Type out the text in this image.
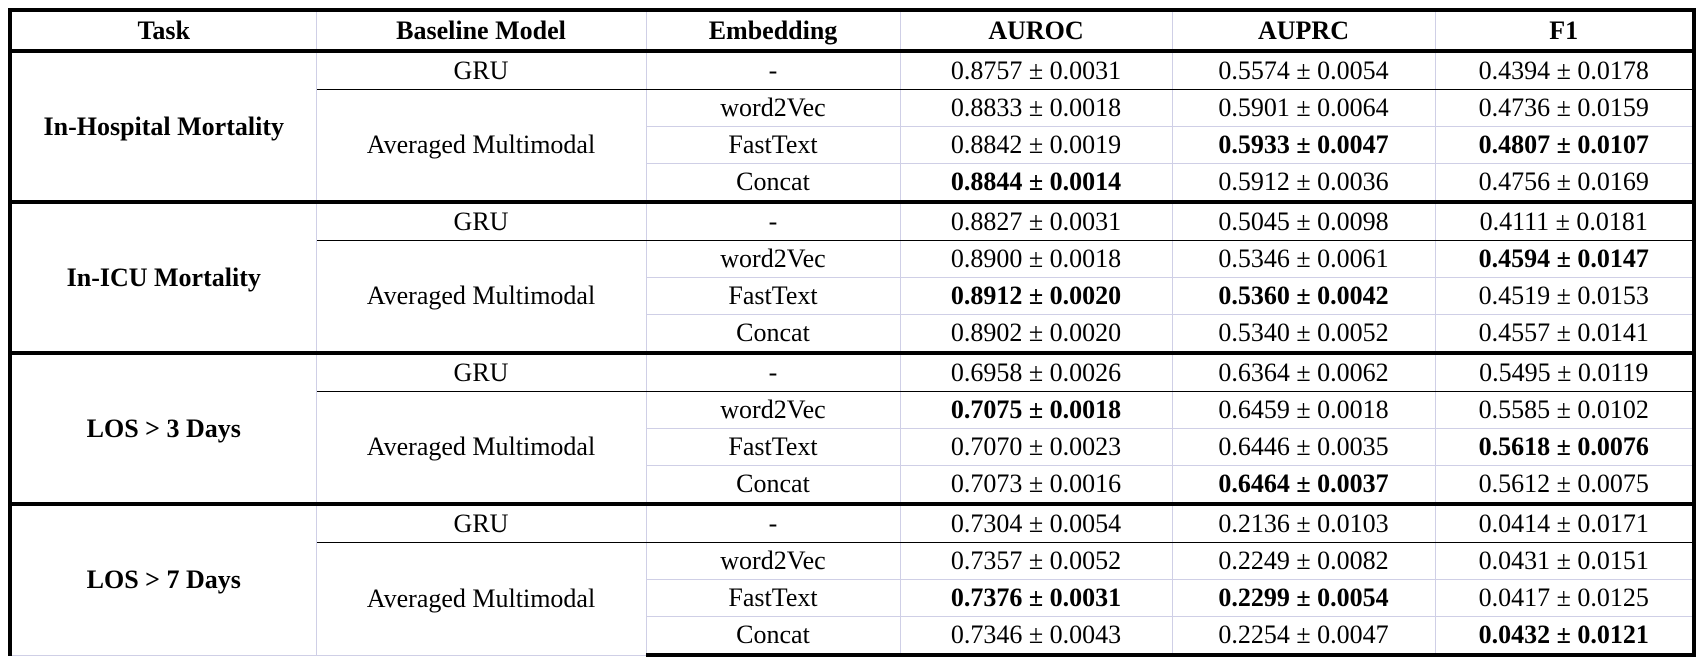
Task	Baseline Model	Embedding	AUROC	AUPRC	F1
In-Hospital Mortality	GRU	-	0.8757 ± 0.0031	0.5574 ± 0.0054	0.4394 ± 0.0178
	Averaged Multimodal	word2Vec	0.8833 ± 0.0018	0.5901 ± 0.0064	0.4736 ± 0.0159
		FastText	0.8842 ± 0.0019	0.5933 ± 0.0047	0.4807 ± 0.0107
		Concat	0.8844 ± 0.0014	0.5912 ± 0.0036	0.4756 ± 0.0169
In-ICU Mortality	GRU	-	0.8827 ± 0.0031	0.5045 ± 0.0098	0.4111 ± 0.0181
	Averaged Multimodal	word2Vec	0.8900 ± 0.0018	0.5346 ± 0.0061	0.4594 ± 0.0147
		FastText	0.8912 ± 0.0020	0.5360 ± 0.0042	0.4519 ± 0.0153
		Concat	0.8902 ± 0.0020	0.5340 ± 0.0052	0.4557 ± 0.0141
LOS > 3 Days	GRU	-	0.6958 ± 0.0026	0.6364 ± 0.0062	0.5495 ± 0.0119
	Averaged Multimodal	word2Vec	0.7075 ± 0.0018	0.6459 ± 0.0018	0.5585 ± 0.0102
		FastText	0.7070 ± 0.0023	0.6446 ± 0.0035	0.5618 ± 0.0076
		Concat	0.7073 ± 0.0016	0.6464 ± 0.0037	0.5612 ± 0.0075
LOS > 7 Days	GRU	-	0.7304 ± 0.0054	0.2136 ± 0.0103	0.0414 ± 0.0171
	Averaged Multimodal	word2Vec	0.7357 ± 0.0052	0.2249 ± 0.0082	0.0431 ± 0.0151
		FastText	0.7376 ± 0.0031	0.2299 ± 0.0054	0.0417 ± 0.0125
		Concat	0.7346 ± 0.0043	0.2254 ± 0.0047	0.0432 ± 0.0121
